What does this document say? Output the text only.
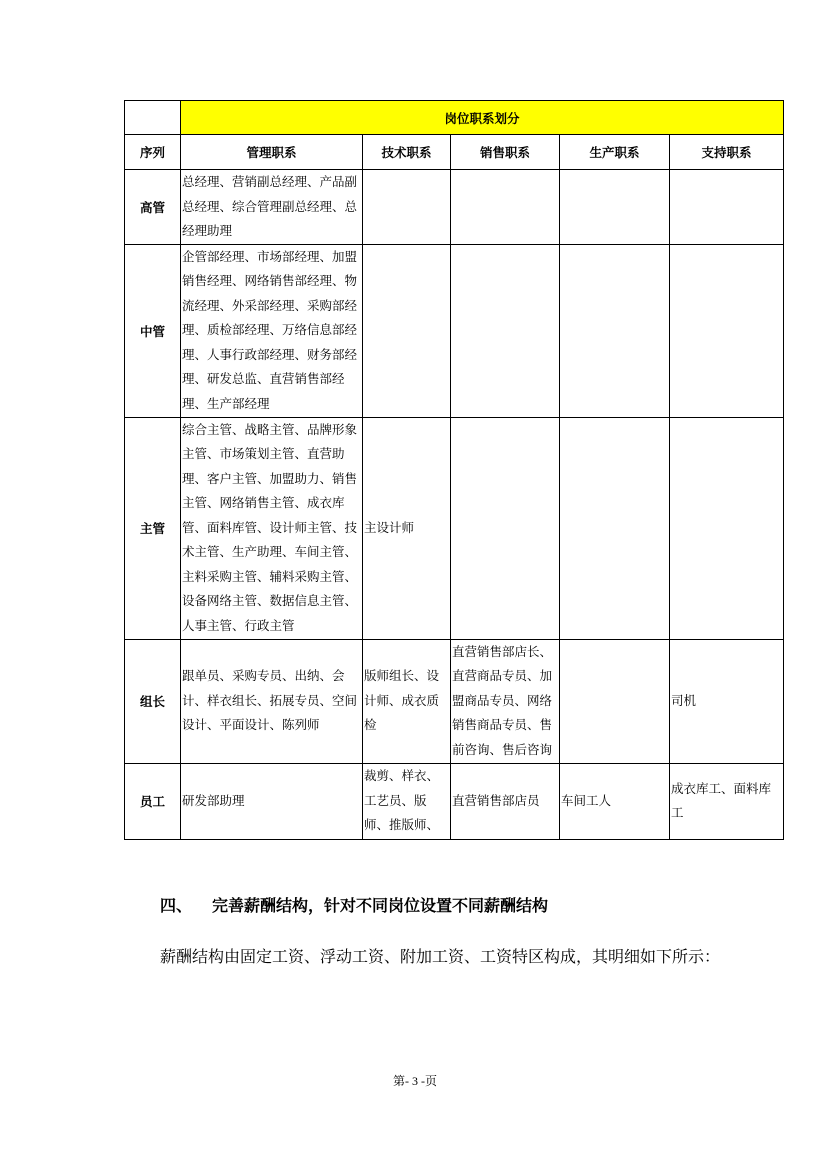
	岗位职系划分				
序列	管理职系	技术职系	销售职系	生产职系	支持职系
高管	总经理、营销副总经理、产品副总经理、综合管理副总经理、总经理助理				
中管	企管部经理、市场部经理、加盟销售经理、网络销售部经理、物流经理、外采部经理、采购部经理、质检部经理、万络信息部经理、人事行政部经理、财务部经理、研发总监、直营销售部经理、生产部经理				
主管	综合主管、战略主管、品牌形象主管、市场策划主管、直营助理、客户主管、加盟助力、销售主管、网络销售主管、成衣库管、面料库管、设计师主管、技术主管、生产助理、车间主管、主料采购主管、辅料采购主管、设备网络主管、数据信息主管、人事主管、行政主管	主设计师			
组长	跟单员、采购专员、出纳、会计、样衣组长、拓展专员、空间设计、平面设计、陈列师	版师组长、设计师、成衣质检	直营销售部店长、直营商品专员、加盟商品专员、网络销售商品专员、售前咨询、售后咨询		司机
员工	研发部助理	裁剪、样衣、工艺员、版师、推版师、	直营销售部店员	车间工人	成衣库工、面料库工
四、 完善薪酬结构，针对不同岗位设置不同薪酬结构
薪酬结构由固定工资、浮动工资、附加工资、工资特区构成，其明细如下所示：
第- 3 -页
